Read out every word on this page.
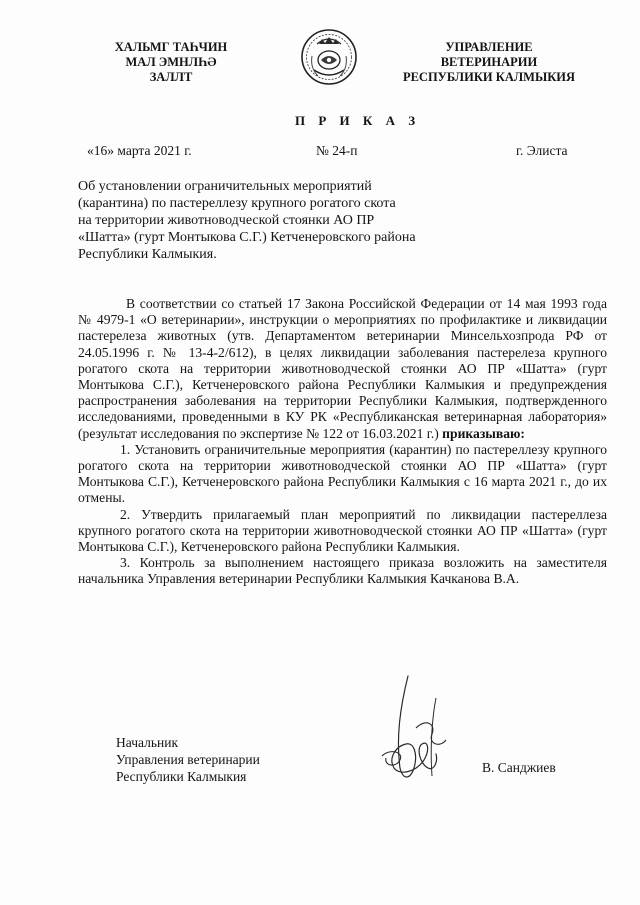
ХАЛЬМГ ТАҺЧИН
МАЛ ЭМНЛҺӘ
ЗАЛЛТ
УПРАВЛЕНИЕ
ВЕТЕРИНАРИИ
РЕСПУБЛИКИ КАЛМЫКИЯ
П Р И К А З
«16» марта 2021 г.	№ 24-п	г. Элиста
Об установлении ограничительных мероприятий
(карантина) по пастереллезу крупного рогатого скота
на территории животноводческой стоянки АО ПР
«Шатта» (гурт Монтыкова С.Г.) Кетченеровского района
Республики Калмыкия.

В соответствии со статьей 17 Закона Российской Федерации от 14 мая 1993 года № 4979-1 «О ветеринарии», инструкции о мероприятиях по профилактике и ликвидации пастерелеза животных (утв. Департаментом ветеринарии Минсельхозпрода РФ от 24.05.1996 г. № 13-4-2/612), в целях ликвидации заболевания пастерелеза крупного рогатого скота на территории животноводческой стоянки АО ПР «Шатта» (гурт Монтыкова С.Г.), Кетченеровского района Республики Калмыкия и предупреждения распространения заболевания на территории Республики Калмыкия, подтвержденного исследованиями, проведенными в КУ РК «Республиканская ветеринарная лаборатория» (результат исследования по экспертизе № 122 от 16.03.2021 г.) приказываю:

1. Установить ограничительные мероприятия (карантин) по пастереллезу крупного рогатого скота на территории животноводческой стоянки АО ПР «Шатта» (гурт Монтыкова С.Г.), Кетченеровского района Республики Калмыкия с 16 марта 2021 г., до их отмены.

2. Утвердить прилагаемый план мероприятий по ликвидации пастереллеза крупного рогатого скота на территории животноводческой стоянки АО ПР «Шатта» (гурт Монтыкова С.Г.), Кетченеровского района Республики Калмыкия.

3. Контроль за выполнением настоящего приказа возложить на заместителя начальника Управления ветеринарии Республики Калмыкия Качканова В.А.

Начальник
Управления ветеринарии
Республики Калмыкия
В. Санджиев
